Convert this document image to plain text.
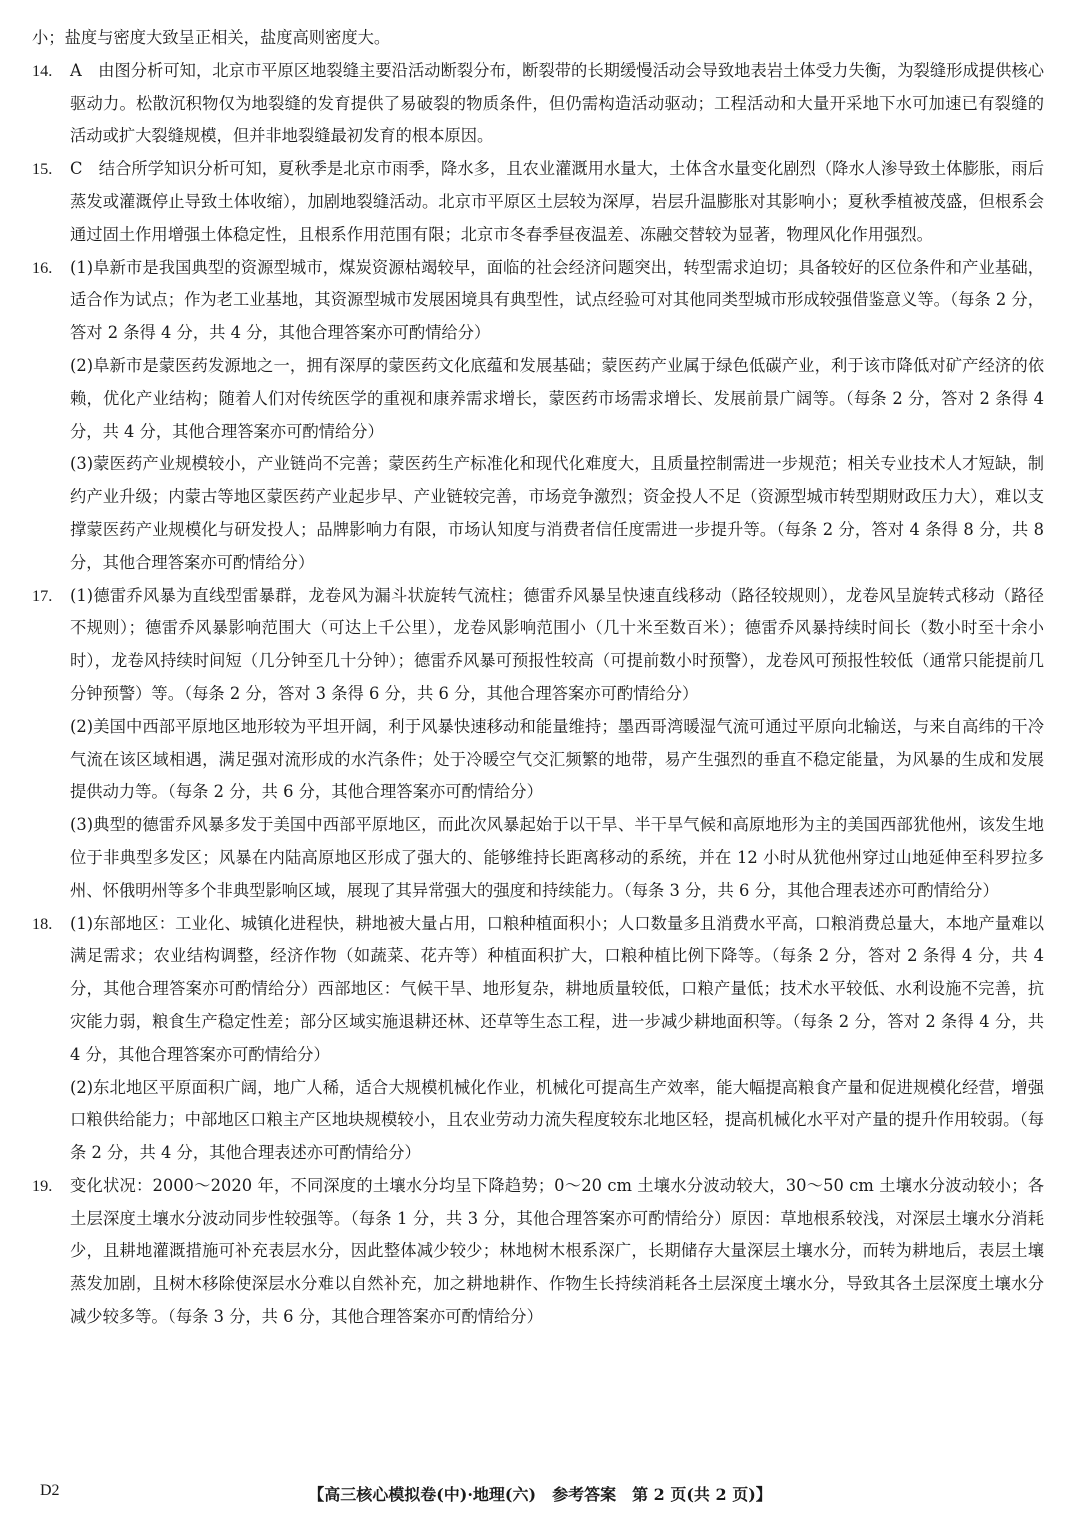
小；盐度与密度大致呈正相关，盐度高则密度大。

14. A　由图分析可知，北京市平原区地裂缝主要沿活动断裂分布，断裂带的长期缓慢活动会导致地表岩土体受力失衡，为裂缝形成提供核心驱动力。松散沉积物仅为地裂缝的发育提供了易破裂的物质条件，但仍需构造活动驱动；工程活动和大量开采地下水可加速已有裂缝的活动或扩大裂缝规模，但并非地裂缝最初发育的根本原因。

15. C　结合所学知识分析可知，夏秋季是北京市雨季，降水多，且农业灌溉用水量大，土体含水量变化剧烈（降水人渗导致土体膨胀，雨后蒸发或灌溉停止导致土体收缩），加剧地裂缝活动。北京市平原区土层较为深厚，岩层升温膨胀对其影响小；夏秋季植被茂盛，但根系会通过固土作用增强土体稳定性，且根系作用范围有限；北京市冬春季昼夜温差、冻融交替较为显著，物理风化作用强烈。

16. (1)阜新市是我国典型的资源型城市，煤炭资源枯竭较早，面临的社会经济问题突出，转型需求迫切；具备较好的区位条件和产业基础，适合作为试点；作为老工业基地，其资源型城市发展困境具有典型性，试点经验可对其他同类型城市形成较强借鉴意义等。（每条 2 分，答对 2 条得 4 分，共 4 分，其他合理答案亦可酌情给分）

(2)阜新市是蒙医药发源地之一，拥有深厚的蒙医药文化底蕴和发展基础；蒙医药产业属于绿色低碳产业，利于该市降低对矿产经济的依赖，优化产业结构；随着人们对传统医学的重视和康养需求增长，蒙医药市场需求增长、发展前景广阔等。（每条 2 分，答对 2 条得 4 分，共 4 分，其他合理答案亦可酌情给分）

(3)蒙医药产业规模较小，产业链尚不完善；蒙医药生产标准化和现代化难度大，且质量控制需进一步规范；相关专业技术人才短缺，制约产业升级；内蒙古等地区蒙医药产业起步早、产业链较完善，市场竞争激烈；资金投人不足（资源型城市转型期财政压力大），难以支撑蒙医药产业规模化与研发投人；品牌影响力有限，市场认知度与消费者信任度需进一步提升等。（每条 2 分，答对 4 条得 8 分，共 8 分，其他合理答案亦可酌情给分）

17. (1)德雷乔风暴为直线型雷暴群，龙卷风为漏斗状旋转气流柱；德雷乔风暴呈快速直线移动（路径较规则），龙卷风呈旋转式移动（路径不规则）；德雷乔风暴影响范围大（可达上千公里），龙卷风影响范围小（几十米至数百米）；德雷乔风暴持续时间长（数小时至十余小时），龙卷风持续时间短（几分钟至几十分钟）；德雷乔风暴可预报性较高（可提前数小时预警），龙卷风可预报性较低（通常只能提前几分钟预警）等。（每条 2 分，答对 3 条得 6 分，共 6 分，其他合理答案亦可酌情给分）

(2)美国中西部平原地区地形较为平坦开阔，利于风暴快速移动和能量维持；墨西哥湾暖湿气流可通过平原向北输送，与来自高纬的干冷气流在该区域相遇，满足强对流形成的水汽条件；处于冷暖空气交汇频繁的地带，易产生强烈的垂直不稳定能量，为风暴的生成和发展提供动力等。（每条 2 分，共 6 分，其他合理答案亦可酌情给分）

(3)典型的德雷乔风暴多发于美国中西部平原地区，而此次风暴起始于以干旱、半干旱气候和高原地形为主的美国西部犹他州，该发生地位于非典型多发区；风暴在内陆高原地区形成了强大的、能够维持长距离移动的系统，并在 12 小时从犹他州穿过山地延伸至科罗拉多州、怀俄明州等多个非典型影响区域，展现了其异常强大的强度和持续能力。（每条 3 分，共 6 分，其他合理表述亦可酌情给分）

18. (1)东部地区：工业化、城镇化进程快，耕地被大量占用，口粮种植面积小；人口数量多且消费水平高，口粮消费总量大，本地产量难以满足需求；农业结构调整，经济作物（如蔬菜、花卉等）种植面积扩大，口粮种植比例下降等。（每条 2 分，答对 2 条得 4 分，共 4 分，其他合理答案亦可酌情给分）西部地区：气候干旱、地形复杂，耕地质量较低，口粮产量低；技术水平较低、水利设施不完善，抗灾能力弱，粮食生产稳定性差；部分区域实施退耕还林、还草等生态工程，进一步减少耕地面积等。（每条 2 分，答对 2 条得 4 分，共 4 分，其他合理答案亦可酌情给分）

(2)东北地区平原面积广阔，地广人稀，适合大规模机械化作业，机械化可提高生产效率，能大幅提高粮食产量和促进规模化经营，增强口粮供给能力；中部地区口粮主产区地块规模较小，且农业劳动力流失程度较东北地区轻，提高机械化水平对产量的提升作用较弱。（每条 2 分，共 4 分，其他合理表述亦可酌情给分）

19. 变化状况：2000～2020 年，不同深度的土壤水分均呈下降趋势；0～20 cm 土壤水分波动较大，30～50 cm 土壤水分波动较小；各土层深度土壤水分波动同步性较强等。（每条 1 分，共 3 分，其他合理答案亦可酌情给分）原因：草地根系较浅，对深层土壤水分消耗少，且耕地灌溉措施可补充表层水分，因此整体减少较少；林地树木根系深广，长期储存大量深层土壤水分，而转为耕地后，表层土壤蒸发加剧，且树木移除使深层水分难以自然补充，加之耕地耕作、作物生长持续消耗各土层深度土壤水分，导致其各土层深度土壤水分减少较多等。（每条 3 分，共 6 分，其他合理答案亦可酌情给分）

D2	【高三核心模拟卷(中)·地理(六)　参考答案　第 2 页(共 2 页)】
